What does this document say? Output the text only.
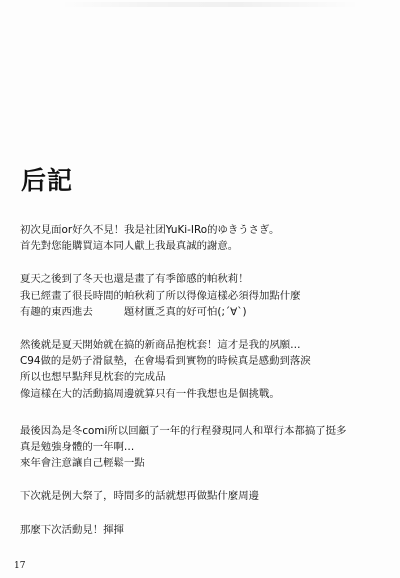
后記

初次見面or好久不見！我是社团YuKi-IRo的ゆきうさぎ。
首先對您能購買這本同人獻上我最真誠的謝意。

夏天之後到了冬天也還是畫了有季節感的帕秋莉！
我已經畫了很長時間的帕秋莉了所以得像這樣必須得加點什麼
有趣的東西進去　　　題材匱乏真的好可怕(;´∀`)

然後就是夏天開始就在搞的新商品抱枕套！這才是我的夙願…
C94做的是奶子滑鼠墊，在會場看到實物的時候真是感動到落淚
所以也想早點拜見枕套的完成品
像這樣在大的活動搞周邊就算只有一件我想也是個挑戰。

最後因為是冬comi所以回顧了一年的行程發現同人和單行本都搞了挺多
真是勉強身體的一年啊…
來年會注意讓自己輕鬆一點

下次就是例大祭了，時間多的話就想再做點什麼周邊

那麼下次活動見！揮揮

17
